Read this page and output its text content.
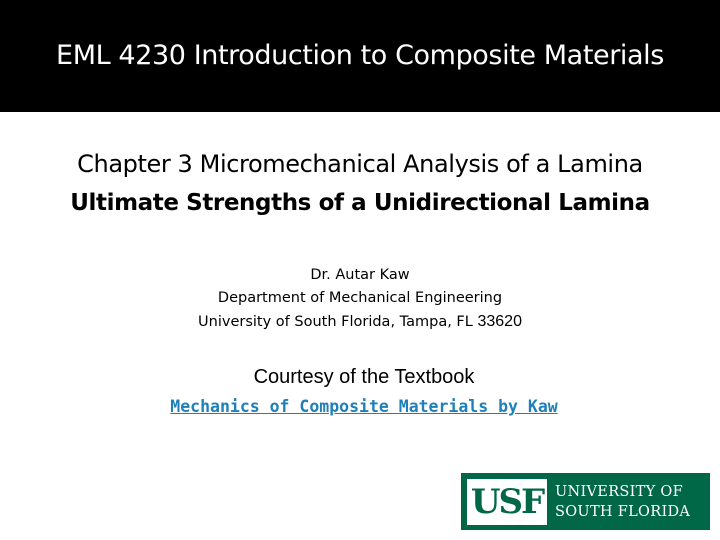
EML 4230 Introduction to Composite Materials
Chapter 3 Micromechanical Analysis of a Lamina
Ultimate Strengths of a Unidirectional Lamina
Dr. Autar Kaw
Department of Mechanical Engineering
University of South Florida, Tampa, FL 33620
Courtesy of the Textbook
Mechanics of Composite Materials by Kaw
USF UNIVERSITY OF
SOUTH FLORIDA
